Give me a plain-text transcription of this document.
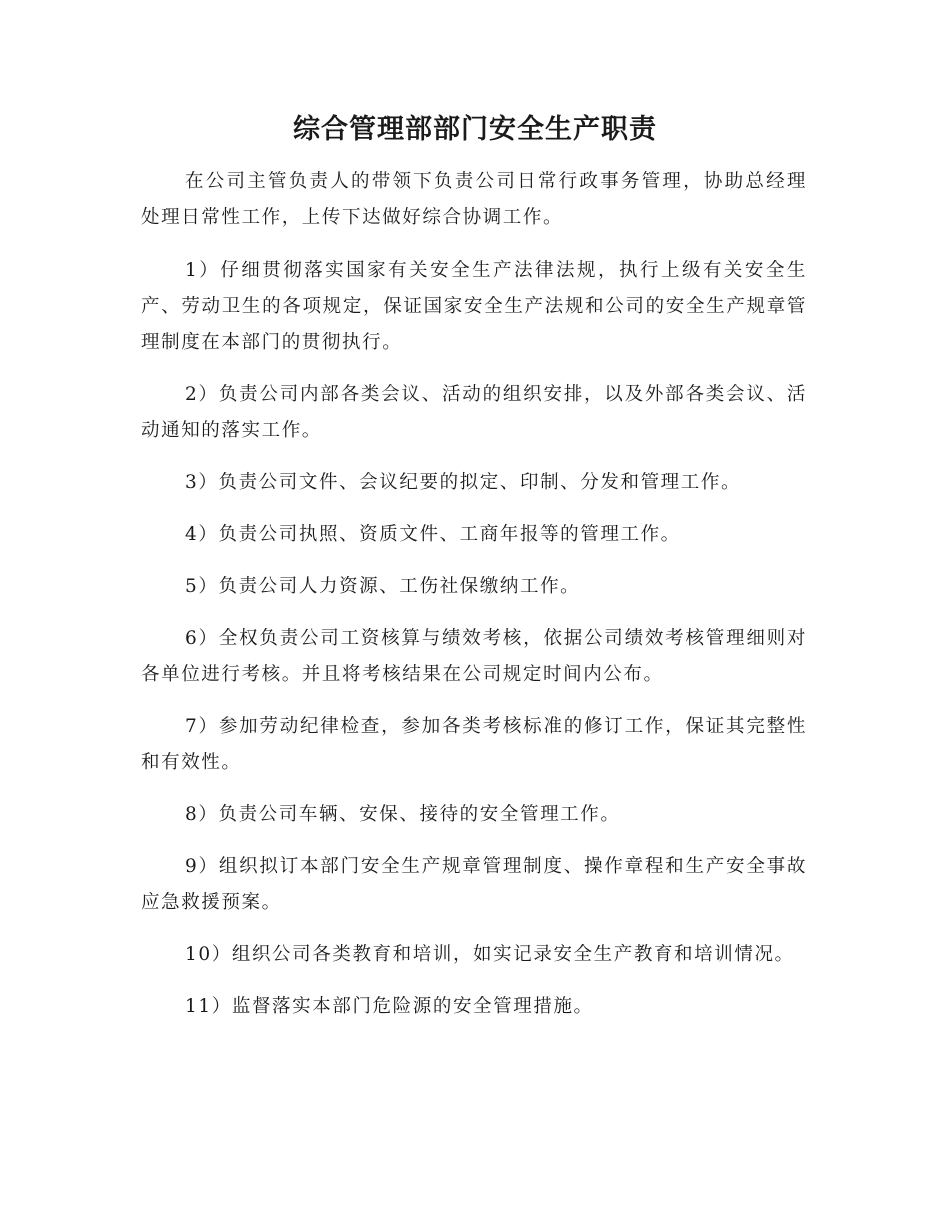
综合管理部部门安全生产职责

在公司主管负责人的带领下负责公司日常行政事务管理，协助总经理处理日常性工作，上传下达做好综合协调工作。

1）仔细贯彻落实国家有关安全生产法律法规，执行上级有关安全生产、劳动卫生的各项规定，保证国家安全生产法规和公司的安全生产规章管理制度在本部门的贯彻执行。

2）负责公司内部各类会议、活动的组织安排，以及外部各类会议、活动通知的落实工作。

3）负责公司文件、会议纪要的拟定、印制、分发和管理工作。

4）负责公司执照、资质文件、工商年报等的管理工作。

5）负责公司人力资源、工伤社保缴纳工作。

6）全权负责公司工资核算与绩效考核，依据公司绩效考核管理细则对各单位进行考核。并且将考核结果在公司规定时间内公布。

7）参加劳动纪律检查，参加各类考核标准的修订工作，保证其完整性和有效性。

8）负责公司车辆、安保、接待的安全管理工作。

9）组织拟订本部门安全生产规章管理制度、操作章程和生产安全事故应急救援预案。

10）组织公司各类教育和培训，如实记录安全生产教育和培训情况。

11）监督落实本部门危险源的安全管理措施。
